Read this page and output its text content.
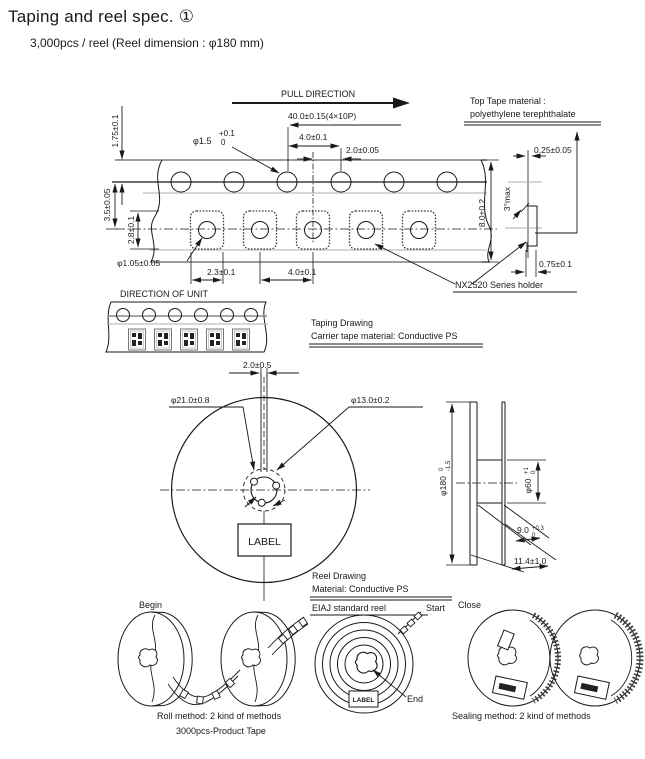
Taping and reel spec. ①
3,000pcs / reel (Reel dimension : φ180 mm)
PULL DIRECTION
Top Tape material :
polyethylene terephthalate
1.75±0.1
3.5±0.05
2.8±0.1
φ1.5
+0.1
0
40.0±0.15(4×10P)
4.0±0.1
2.0±0.05
φ1.05±0.05
2.3±0.1	4.0±0.1
8.0±0.2
0.25±0.05
3°max
0.75±0.1
NX2520 Series holder
DIRECTION OF UNIT
Taping Drawing
Carrier tape material: Conductive PS
2.0±0.5
φ21.0±0.8	φ13.0±0.2
LABEL
Reel Drawing
Material: Conductive PS
EIAJ standard reel
φ180
0 -1.5
φ60
+1 0
9.0 +0.3
0
11.4±1.0
Begin
Roll method: 2 kind of methods
3000pcs-Product Tape
Start
End
LABEL
Close
Sealing method: 2 kind of methods
